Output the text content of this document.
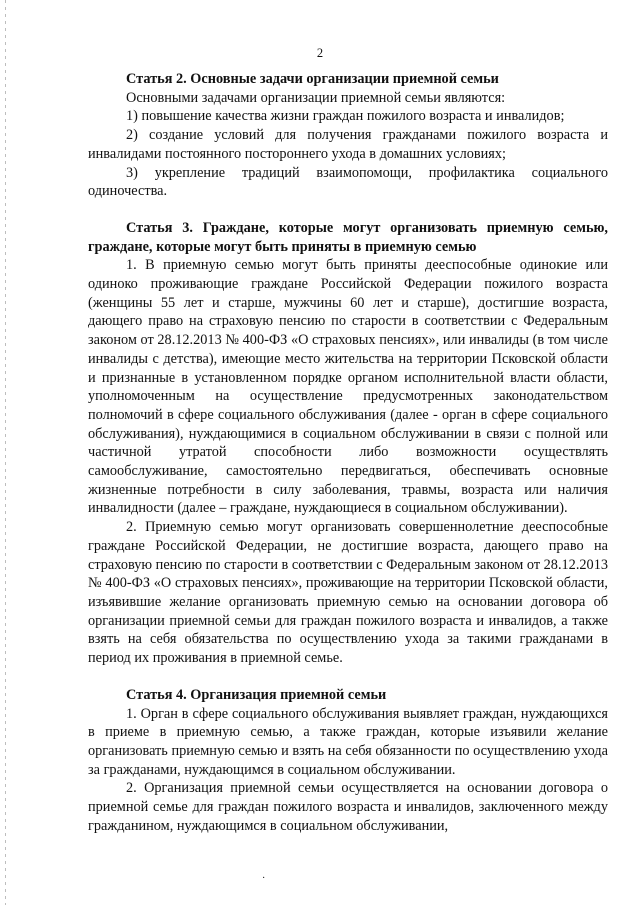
2

Статья 2. Основные задачи организации приемной семьи

Основными задачами организации приемной семьи являются:

1) повышение качества жизни граждан пожилого возраста и инвалидов;

2) создание условий для получения гражданами пожилого возраста и инвалидами постоянного постороннего ухода в домашних условиях;

3) укрепление традиций взаимопомощи, профилактика социального одиночества.

Статья 3. Граждане, которые могут организовать приемную семью, граждане, которые могут быть приняты в приемную семью

1. В приемную семью могут быть приняты дееспособные одинокие или одиноко проживающие граждане Российской Федерации пожилого возраста (женщины 55 лет и старше, мужчины 60 лет и старше), достигшие возраста, дающего право на страховую пенсию по старости в соответствии с Федеральным законом от 28.12.2013 № 400-ФЗ «О страховых пенсиях», или инвалиды (в том числе инвалиды с детства), имеющие место жительства на территории Псковской области и признанные в установленном порядке органом исполнительной власти области, уполномоченным на осуществление предусмотренных законодательством полномочий в сфере социального обслуживания (далее - орган в сфере социального обслуживания), нуждающимися в социальном обслуживании в связи с полной или частичной утратой способности либо возможности осуществлять самообслуживание, самостоятельно передвигаться, обеспечивать основные жизненные потребности в силу заболевания, травмы, возраста или наличия инвалидности (далее – граждане, нуждающиеся в социальном обслуживании).

2. Приемную семью могут организовать совершеннолетние дееспособные граждане Российской Федерации, не достигшие возраста, дающего право на страховую пенсию по старости в соответствии с Федеральным законом от 28.12.2013 № 400-ФЗ «О страховых пенсиях», проживающие на территории Псковской области, изъявившие желание организовать приемную семью на основании договора об организации приемной семьи для граждан пожилого возраста и инвалидов, а также взять на себя обязательства по осуществлению ухода за такими гражданами в период их проживания в приемной семье.

Статья 4. Организация приемной семьи

1. Орган в сфере социального обслуживания выявляет граждан, нуждающихся в приеме в приемную семью, а также граждан, которые изъявили желание организовать приемную семью и взять на себя обязанности по осуществлению ухода за гражданами, нуждающимся в социальном обслуживании.

2. Организация приемной семьи осуществляется на основании договора о приемной семье для граждан пожилого возраста и инвалидов, заключенного между гражданином, нуждающимся в социальном обслуживании,

·
